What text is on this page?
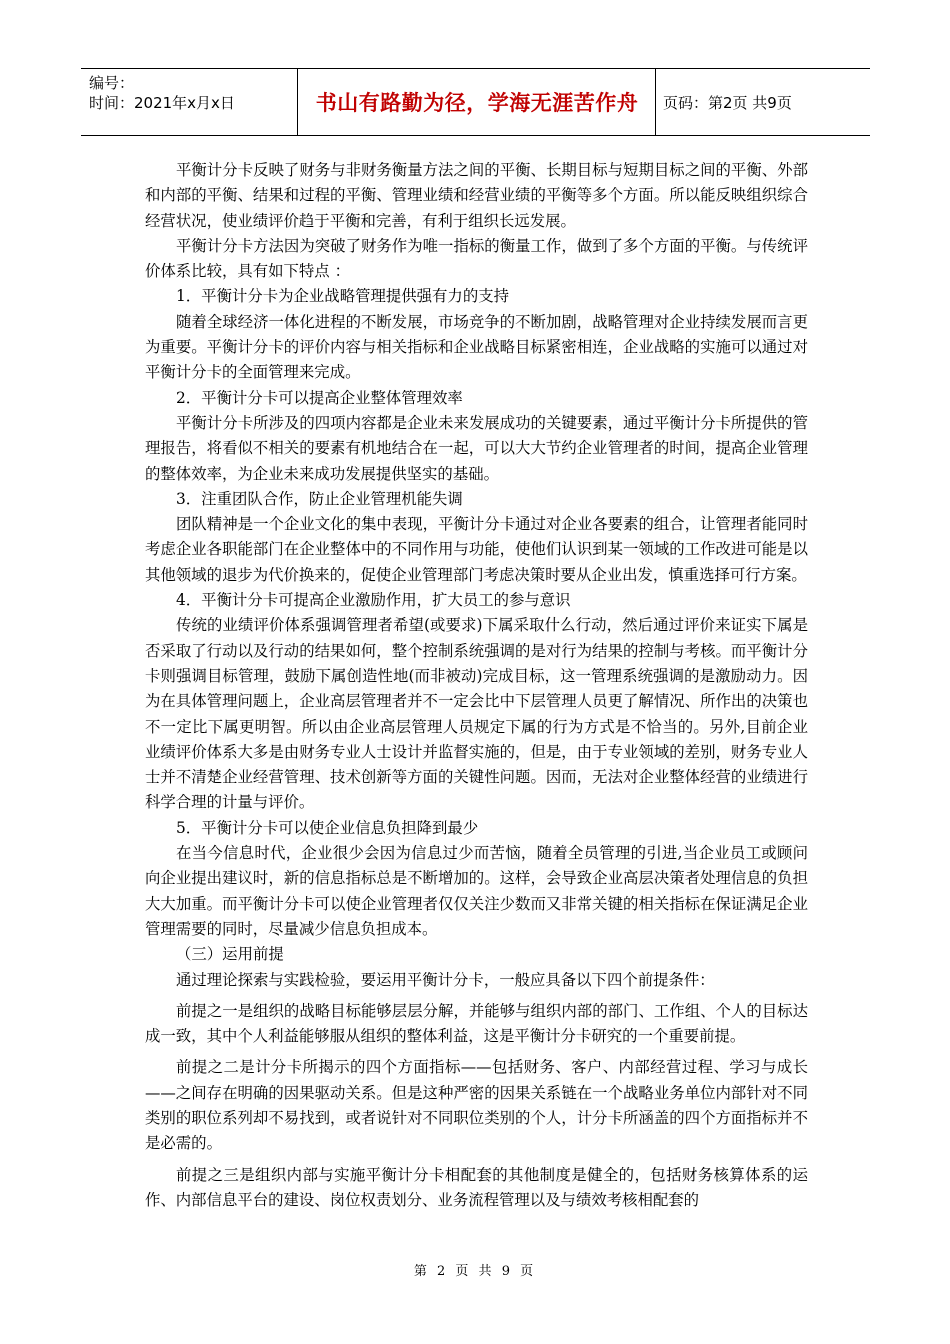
编号：
时间：2021年x月x日	书山有路勤为径，学海无涯苦作舟	页码：第2页 共9页

平衡计分卡反映了财务与非财务衡量方法之间的平衡、长期目标与短期目标之间的平衡、外部和内部的平衡、结果和过程的平衡、管理业绩和经营业绩的平衡等多个方面。所以能反映组织综合经营状况，使业绩评价趋于平衡和完善，有利于组织长远发展。

平衡计分卡方法因为突破了财务作为唯一指标的衡量工作，做到了多个方面的平衡。与传统评价体系比较，具有如下特点 ：

1．平衡计分卡为企业战略管理提供强有力的支持

随着全球经济一体化进程的不断发展，市场竞争的不断加剧，战略管理对企业持续发展而言更为重要。平衡计分卡的评价内容与相关指标和企业战略目标紧密相连，企业战略的实施可以通过对平衡计分卡的全面管理来完成。

2．平衡计分卡可以提高企业整体管理效率

平衡计分卡所涉及的四项内容都是企业未来发展成功的关键要素，通过平衡计分卡所提供的管理报告，将看似不相关的要素有机地结合在一起，可以大大节约企业管理者的时间，提高企业管理的整体效率，为企业未来成功发展提供坚实的基础。

3．注重团队合作，防止企业管理机能失调

团队精神是一个企业文化的集中表现，平衡计分卡通过对企业各要素的组合，让管理者能同时考虑企业各职能部门在企业整体中的不同作用与功能，使他们认识到某一领域的工作改进可能是以其他领域的退步为代价换来的，促使企业管理部门考虑决策时要从企业出发，慎重选择可行方案。

4．平衡计分卡可提高企业激励作用，扩大员工的参与意识

传统的业绩评价体系强调管理者希望(或要求)下属采取什么行动，然后通过评价来证实下属是否采取了行动以及行动的结果如何，整个控制系统强调的是对行为结果的控制与考核。而平衡计分卡则强调目标管理，鼓励下属创造性地(而非被动)完成目标，这一管理系统强调的是激励动力。因为在具体管理问题上，企业高层管理者并不一定会比中下层管理人员更了解情况、所作出的决策也不一定比下属更明智。所以由企业高层管理人员规定下属的行为方式是不恰当的。另外,目前企业业绩评价体系大多是由财务专业人士设计并监督实施的，但是，由于专业领域的差别，财务专业人士并不清楚企业经营管理、技术创新等方面的关键性问题。因而，无法对企业整体经营的业绩进行科学合理的计量与评价。

5．平衡计分卡可以使企业信息负担降到最少

在当今信息时代，企业很少会因为信息过少而苦恼，随着全员管理的引进,当企业员工或顾问向企业提出建议时，新的信息指标总是不断增加的。这样，会导致企业高层决策者处理信息的负担大大加重。而平衡计分卡可以使企业管理者仅仅关注少数而又非常关键的相关指标在保证满足企业管理需要的同时，尽量减少信息负担成本。

（三）运用前提

通过理论探索与实践检验，要运用平衡计分卡，一般应具备以下四个前提条件：

前提之一是组织的战略目标能够层层分解，并能够与组织内部的部门、工作组、个人的目标达成一致，其中个人利益能够服从组织的整体利益，这是平衡计分卡研究的一个重要前提。

前提之二是计分卡所揭示的四个方面指标——包括财务、客户、内部经营过程、学习与成长——之间存在明确的因果驱动关系。但是这种严密的因果关系链在一个战略业务单位内部针对不同类别的职位系列却不易找到，或者说针对不同职位类别的个人，计分卡所涵盖的四个方面指标并不是必需的。

前提之三是组织内部与实施平衡计分卡相配套的其他制度是健全的，包括财务核算体系的运作、内部信息平台的建设、岗位权责划分、业务流程管理以及与绩效考核相配套的

第 2 页 共 9 页
